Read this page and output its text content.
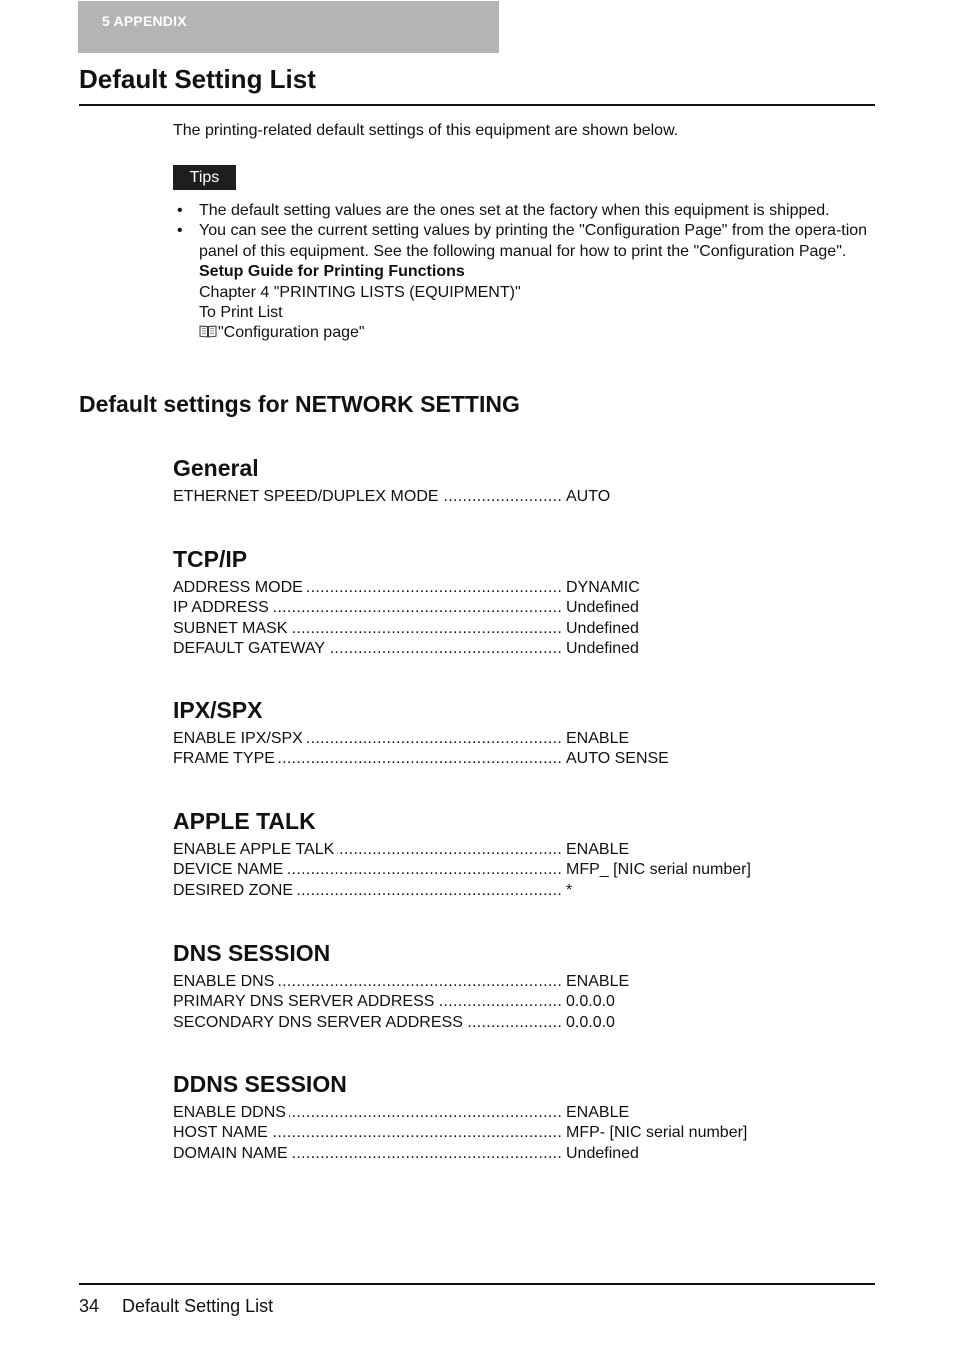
5 APPENDIX
Default Setting List
The printing-related default settings of this equipment are shown below.
Tips
• The default setting values are the ones set at the factory when this equipment is shipped.
• You can see the current setting values by printing the "Configuration Page" from the opera-tion panel of this equipment. See the following manual for how to print the "Configuration Page".
Setup Guide for Printing Functions
Chapter 4 "PRINTING LISTS (EQUIPMENT)"
To Print List
"Configuration page"
Default settings for NETWORK SETTING
General
ETHERNET SPEED/DUPLEX MODE .....	AUTO
TCP/IP
ADDRESS MODE .....	DYNAMIC
IP ADDRESS .....	Undefined
SUBNET MASK .....	Undefined
DEFAULT GATEWAY .....	Undefined
IPX/SPX
ENABLE IPX/SPX .....	ENABLE
FRAME TYPE .....	AUTO SENSE
APPLE TALK
ENABLE APPLE TALK .....	ENABLE
DEVICE NAME .....	MFP_ [NIC serial number]
DESIRED ZONE .....	*
DNS SESSION
ENABLE DNS .....	ENABLE
PRIMARY DNS SERVER ADDRESS .....	0.0.0.0
SECONDARY DNS SERVER ADDRESS .....	0.0.0.0
DDNS SESSION
ENABLE DDNS .....	ENABLE
HOST NAME .....	MFP- [NIC serial number]
DOMAIN NAME .....	Undefined
34 Default Setting List
